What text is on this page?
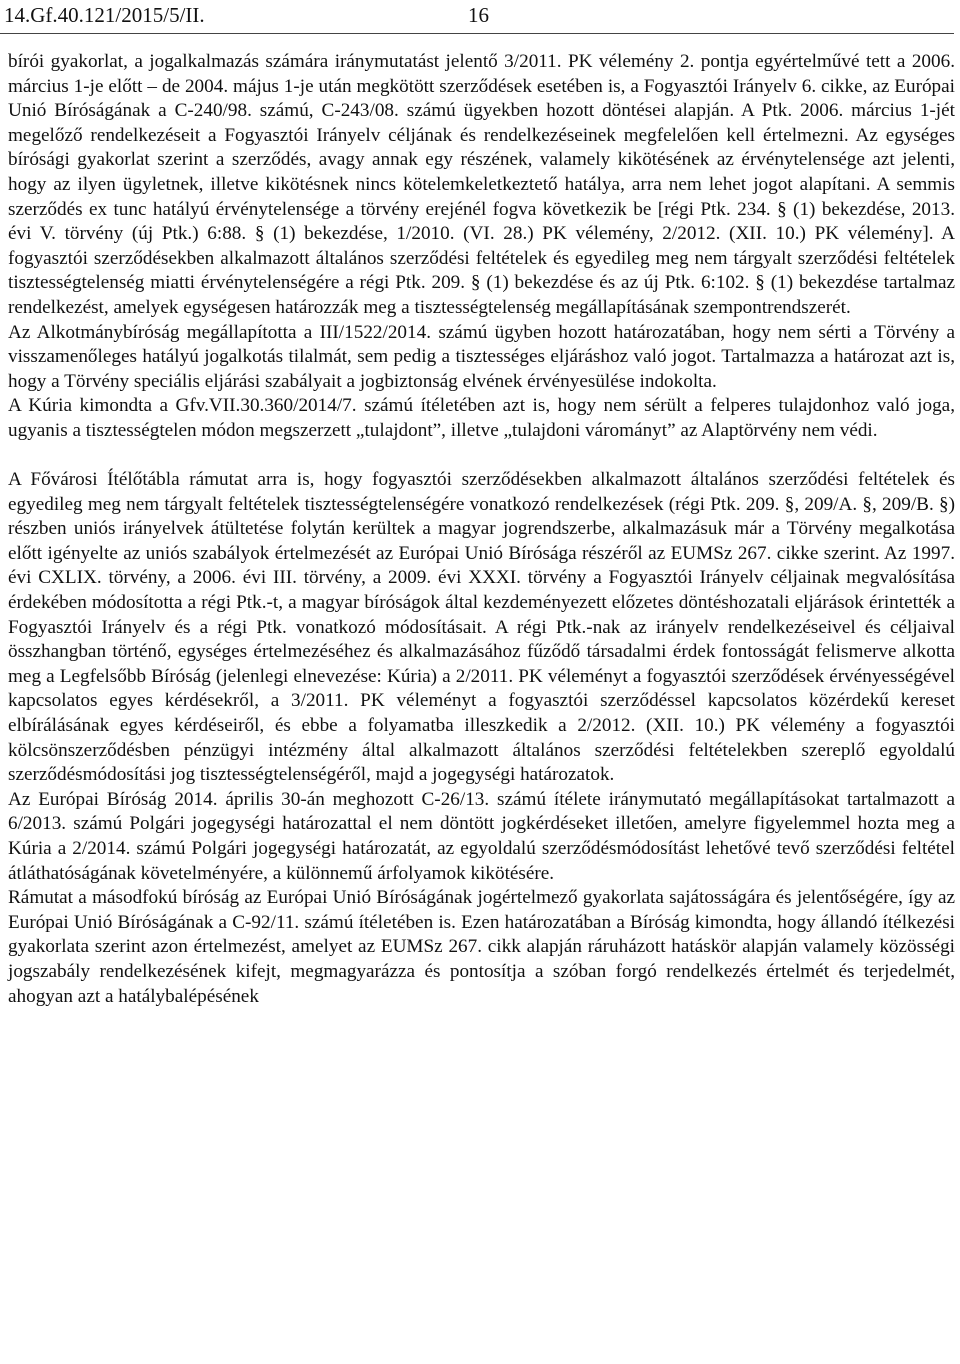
14.Gf.40.121/2015/5/II.	16

bírói gyakorlat, a jogalkalmazás számára iránymutatást jelentő 3/2011. PK vélemény 2. pontja egyértelművé tett a 2006. március 1-je előtt – de 2004. május 1-je után megkötött szerződések esetében is, a Fogyasztói Irányelv 6. cikke, az Európai Unió Bíróságának a C-240/98. számú, C-243/08. számú ügyekben hozott döntései alapján. A Ptk. 2006. március 1-jét megelőző rendelkezéseit a Fogyasztói Irányelv céljának és rendelkezéseinek megfelelően kell értelmezni. Az egységes bírósági gyakorlat szerint a szerződés, avagy annak egy részének, valamely kikötésének az érvénytelensége azt jelenti, hogy az ilyen ügyletnek, illetve kikötésnek nincs kötelemkeletkeztető hatálya, arra nem lehet jogot alapítani. A semmis szerződés ex tunc hatályú érvénytelensége a törvény erejénél fogva következik be [régi Ptk. 234. § (1) bekezdése, 2013. évi V. törvény (új Ptk.) 6:88. § (1) bekezdése, 1/2010. (VI. 28.) PK vélemény, 2/2012. (XII. 10.) PK vélemény]. A fogyasztói szerződésekben alkalmazott általános szerződési feltételek és egyedileg meg nem tárgyalt szerződési feltételek tisztességtelenség miatti érvénytelenségére a régi Ptk. 209. § (1) bekezdése és az új Ptk. 6:102. § (1) bekezdése tartalmaz rendelkezést, amelyek egységesen határozzák meg a tisztességtelenség megállapításának szempontrendszerét.

Az Alkotmánybíróság megállapította a III/1522/2014. számú ügyben hozott határozatában, hogy nem sérti a Törvény a visszamenőleges hatályú jogalkotás tilalmát, sem pedig a tisztességes eljáráshoz való jogot. Tartalmazza a határozat azt is, hogy a Törvény speciális eljárási szabályait a jogbiztonság elvének érvényesülése indokolta.

A Kúria kimondta a Gfv.VII.30.360/2014/7. számú ítéletében azt is, hogy nem sérült a felperes tulajdonhoz való joga, ugyanis a tisztességtelen módon megszerzett „tulajdont”, illetve „tulajdoni várományt” az Alaptörvény nem védi.

A Fővárosi Ítélőtábla rámutat arra is, hogy fogyasztói szerződésekben alkalmazott általános szerződési feltételek és egyedileg meg nem tárgyalt feltételek tisztességtelenségére vonatkozó rendelkezések (régi Ptk. 209. §, 209/A. §, 209/B. §) részben uniós irányelvek átültetése folytán kerültek a magyar jogrendszerbe, alkalmazásuk már a Törvény megalkotása előtt igényelte az uniós szabályok értelmezését az Európai Unió Bírósága részéről az EUMSz 267. cikke szerint. Az 1997. évi CXLIX. törvény, a 2006. évi III. törvény, a 2009. évi XXXI. törvény a Fogyasztói Irányelv céljainak megvalósítása érdekében módosította a régi Ptk.-t, a magyar bíróságok által kezdeményezett előzetes döntéshozatali eljárások érintették a Fogyasztói Irányelv és a régi Ptk. vonatkozó módosításait. A régi Ptk.-nak az irányelv rendelkezéseivel és céljaival összhangban történő, egységes értelmezéséhez és alkalmazásához fűződő társadalmi érdek fontosságát felismerve alkotta meg a Legfelsőbb Bíróság (jelenlegi elnevezése: Kúria) a 2/2011. PK véleményt a fogyasztói szerződések érvényességével kapcsolatos egyes kérdésekről, a 3/2011. PK véleményt a fogyasztói szerződéssel kapcsolatos közérdekű kereset elbírálásának egyes kérdéseiről, és ebbe a folyamatba illeszkedik a 2/2012. (XII. 10.) PK vélemény a fogyasztói kölcsönszerződésben pénzügyi intézmény által alkalmazott általános szerződési feltételekben szereplő egyoldalú szerződésmódosítási jog tisztességtelenségéről, majd a jogegységi határozatok.

Az Európai Bíróság 2014. április 30-án meghozott C-26/13. számú ítélete iránymutató megállapításokat tartalmazott a 6/2013. számú Polgári jogegységi határozattal el nem döntött jogkérdéseket illetően, amelyre figyelemmel hozta meg a Kúria a 2/2014. számú Polgári jogegységi határozatát, az egyoldalú szerződésmódosítást lehetővé tevő szerződési feltétel átláthatóságának követelményére, a különnemű árfolyamok kikötésére.

Rámutat a másodfokú bíróság az Európai Unió Bíróságának jogértelmező gyakorlata sajátosságára és jelentőségére, így az Európai Unió Bíróságának a C-92/11. számú ítéletében is. Ezen határozatában a Bíróság kimondta, hogy állandó ítélkezési gyakorlata szerint azon értelmezést, amelyet az EUMSz 267. cikk alapján ráruházott hatáskör alapján valamely közösségi jogszabály rendelkezésének kifejt, megmagyarázza és pontosítja a szóban forgó rendelkezés értelmét és terjedelmét, ahogyan azt a hatálybalépésének
